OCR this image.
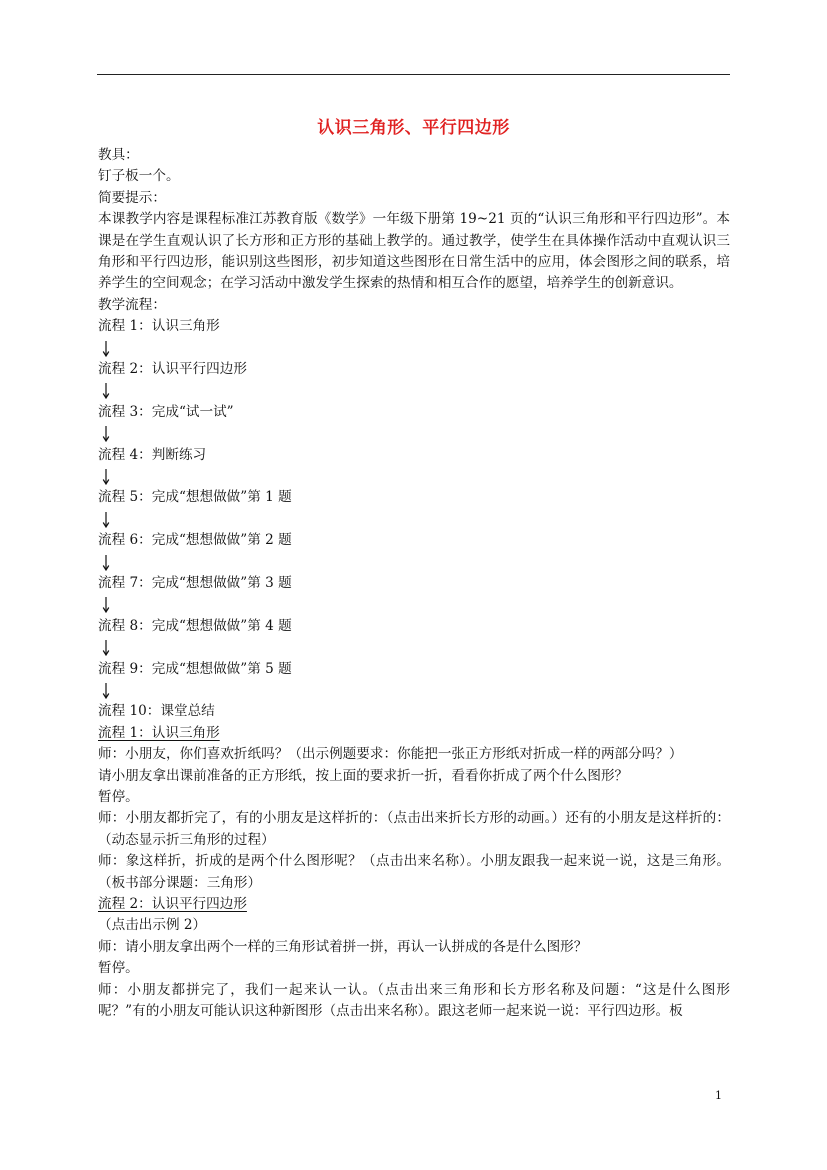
认识三角形、平行四边形
教具：
钉子板一个。
简要提示：
本课教学内容是课程标准江苏教育版《数学》一年级下册第 19~21 页的“认识三角形和平行四边形”。本课是在学生直观认识了长方形和正方形的基础上教学的。通过教学，使学生在具体操作活动中直观认识三角形和平行四边形，能识别这些图形，初步知道这些图形在日常生活中的应用，体会图形之间的联系，培养学生的空间观念；在学习活动中激发学生探索的热情和相互合作的愿望，培养学生的创新意识。
教学流程：
流程 1：认识三角形
流程 2：认识平行四边形
流程 3：完成“试一试”
流程 4：判断练习
流程 5：完成“想想做做”第 1 题
流程 6：完成“想想做做”第 2 题
流程 7：完成“想想做做”第 3 题
流程 8：完成“想想做做”第 4 题
流程 9：完成“想想做做”第 5 题
流程 10：课堂总结
流程 1：认识三角形
师：小朋友，你们喜欢折纸吗？（出示例题要求：你能把一张正方形纸对折成一样的两部分吗？）
请小朋友拿出课前准备的正方形纸，按上面的要求折一折，看看你折成了两个什么图形？
暂停。
师：小朋友都折完了，有的小朋友是这样折的：（点击出来折长方形的动画。）还有的小朋友是这样折的：（动态显示折三角形的过程）
师：象这样折，折成的是两个什么图形呢？（点击出来名称）。小朋友跟我一起来说一说，这是三角形。（板书部分课题：三角形）
流程 2：认识平行四边形
（点击出示例 2）
师：请小朋友拿出两个一样的三角形试着拼一拼，再认一认拼成的各是什么图形？
暂停。
师：小朋友都拼完了，我们一起来认一认。（点击出来三角形和长方形名称及问题：“这是什么图形呢？”有的小朋友可能认识这种新图形（点击出来名称）。跟这老师一起来说一说：平行四边形。板
1
